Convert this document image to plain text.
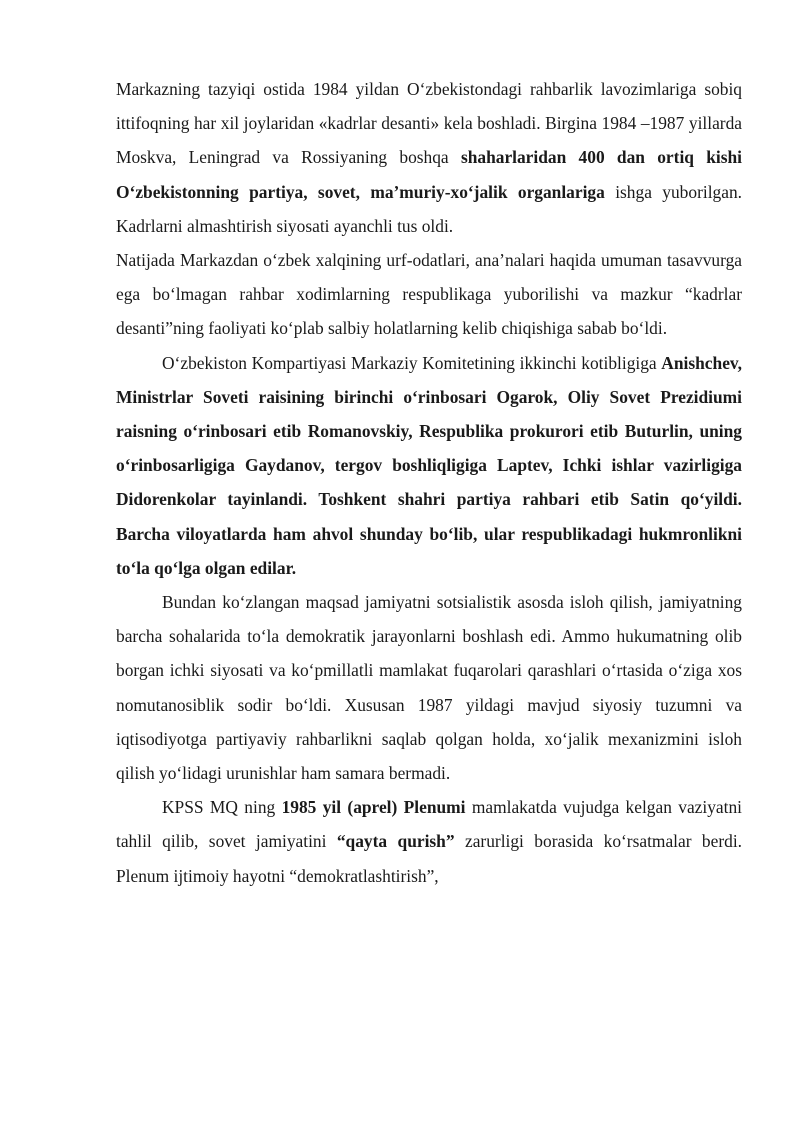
Markazning tazyiqi ostida 1984 yildan O‘zbekistondagi rahbarlik lavozimlariga sobiq ittifoqning har xil joylaridan «kadrlar desanti» kela boshladi. Birgina 1984 –1987 yillarda Moskva, Leningrad va Rossiyaning boshqa shaharlaridan 400 dan ortiq kishi O‘zbekistonning partiya, sovet, ma’muriy-xo‘jalik organlariga ishga yuborilgan. Kadrlarni almashtirish siyosati ayanchli tus oldi.

Natijada Markazdan o‘zbek xalqining urf-odatlari, ana’nalari haqida umuman tasavvurga ega bo‘lmagan rahbar xodimlarning respublikaga yuborilishi va mazkur “kadrlar desanti”ning faoliyati ko‘plab salbiy holatlarning kelib chiqishiga sabab bo‘ldi.

O‘zbekiston Kompartiyasi Markaziy Komitetining ikkinchi kotibligiga Anishchev, Ministrlar Soveti raisining birinchi o‘rinbosari Ogarok, Oliy Sovet Prezidiumi raisning o‘rinbosari etib Romanovskiy, Respublika prokurori etib Buturlin, uning o‘rinbosarligiga Gaydanov, tergov boshliqligiga Laptev, Ichki ishlar vazirligiga Didorenkolar tayinlandi. Toshkent shahri partiya rahbari etib Satin qo‘yildi. Barcha viloyatlarda ham ahvol shunday bo‘lib, ular respublikadagi hukmronlikni to‘la qo‘lga olgan edilar.

Bundan ko‘zlangan maqsad jamiyatni sotsialistik asosda isloh qilish, jamiyatning barcha sohalarida to‘la demokratik jarayonlarni boshlash edi. Ammo hukumatning olib borgan ichki siyosati va ko‘pmillatli mamlakat fuqarolari qarashlari o‘rtasida o‘ziga xos nomutanosiblik sodir bo‘ldi. Xususan 1987 yildagi mavjud siyosiy tuzumni va iqtisodiyotga partiyaviy rahbarlikni saqlab qolgan holda, xo‘jalik mexanizmini isloh qilish yo‘lidagi urunishlar ham samara bermadi.

KPSS MQ ning 1985 yil (aprel) Plenumi mamlakatda vujudga kelgan vaziyatni tahlil qilib, sovet jamiyatini “qayta qurish” zarurligi borasida ko‘rsatmalar berdi. Plenum ijtimoiy hayotni “demokratlashtirish”,
